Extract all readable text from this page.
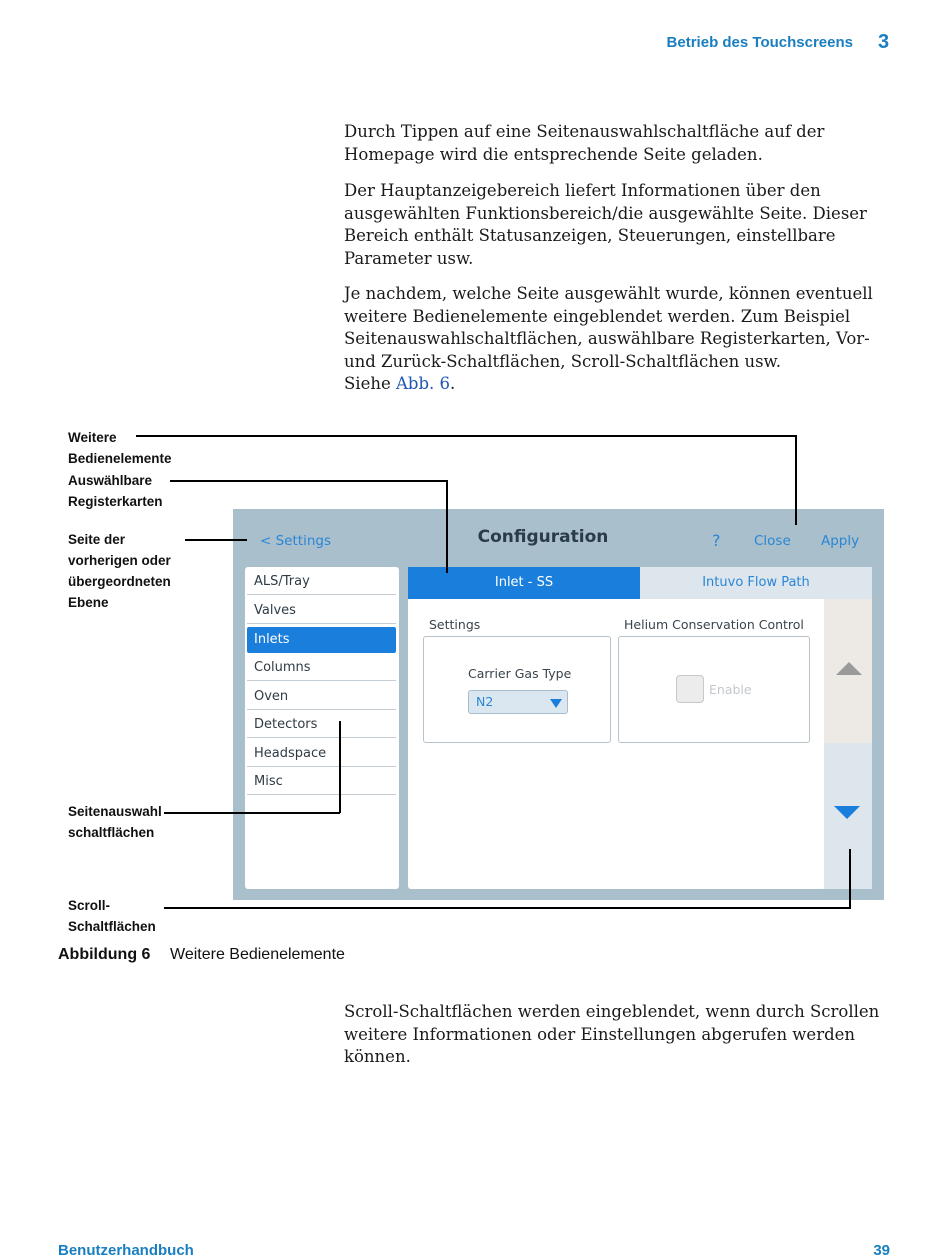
Betrieb des Touchscreens 3

Durch Tippen auf eine Seitenauswahlschaltfläche auf der Homepage wird die entsprechende Seite geladen.

Der Hauptanzeigebereich liefert Informationen über den ausgewählten Funktionsbereich/die ausgewählte Seite. Dieser Bereich enthält Statusanzeigen, Steuerungen, einstellbare Parameter usw.

Je nachdem, welche Seite ausgewählt wurde, können eventuell weitere Bedienelemente eingeblendet werden. Zum Beispiel Seitenauswahlschaltflächen, auswählbare Registerkarten, Vor- und Zurück-Schaltflächen, Scroll-Schaltflächen usw.
Siehe Abb. 6.

Weitere
Bedienelemente
Auswählbare
Registerkarten
Seite der
vorherigen oder
übergeordneten
Ebene
Seitenauswahl
schaltflächen
Scroll-
Schaltflächen
< Settings	Configuration	? Close Apply
ALS/Tray
Valves
Inlets
Columns
Oven
Detectors
Headspace
Misc
Inlet - SS	Intuvo Flow Path
Settings
Carrier Gas Type
N2
Helium Conservation Control
Enable
Abbildung 6 Weitere Bedienelemente

Scroll-Schaltflächen werden eingeblendet, wenn durch Scrollen weitere Informationen oder Einstellungen abgerufen werden können.

Benutzerhandbuch	39
